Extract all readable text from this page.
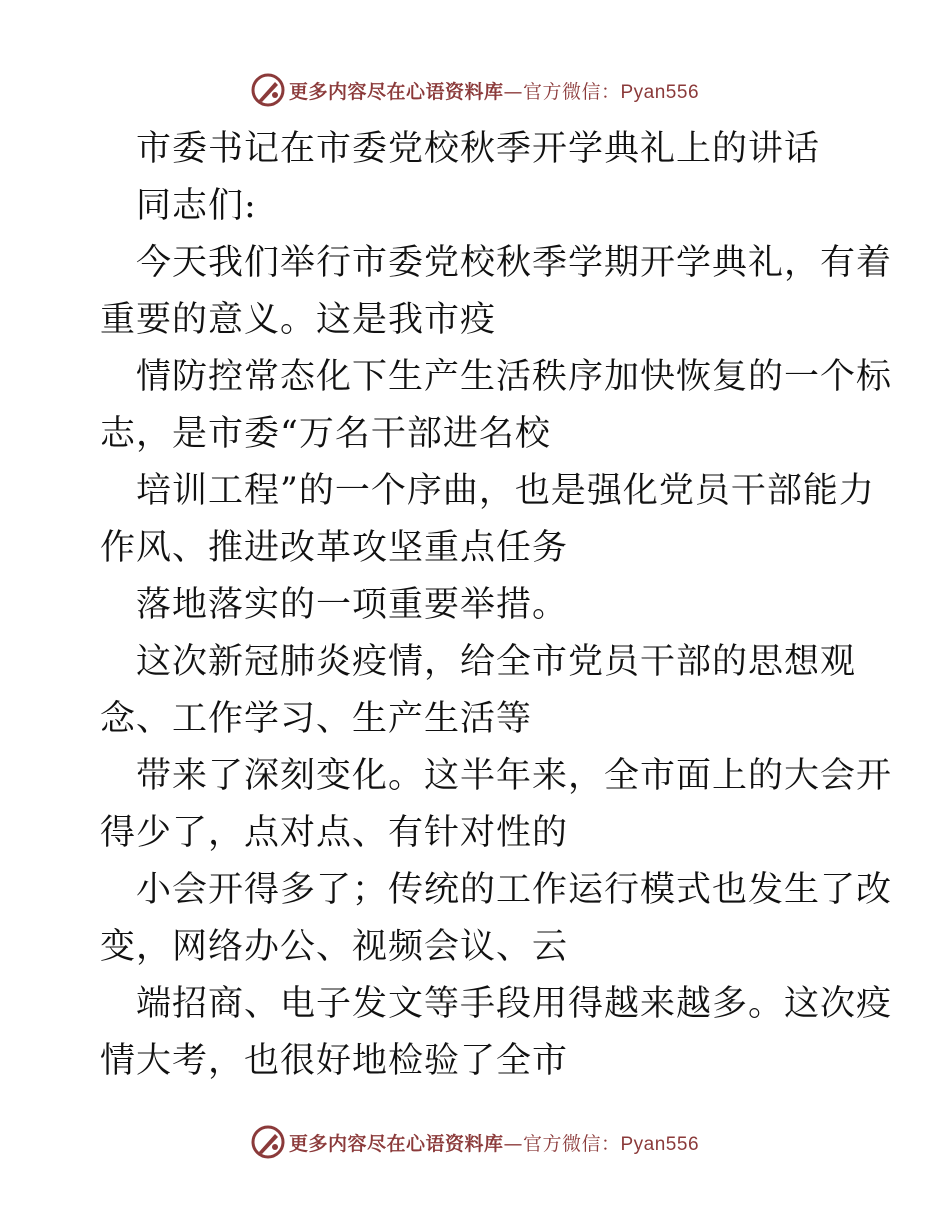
更多内容尽在心语资料库—官方微信：Pyan556
市委书记在市委党校秋季开学典礼上的讲话
同志们:
今天我们举行市委党校秋季学期开学典礼，有着
重要的意义。这是我市疫
情防控常态化下生产生活秩序加快恢复的一个标
志，是市委“万名干部进名校
培训工程”的一个序曲，也是强化党员干部能力
作风、推进改革攻坚重点任务
落地落实的一项重要举措。
这次新冠肺炎疫情，给全市党员干部的思想观
念、工作学习、生产生活等
带来了深刻变化。这半年来，全市面上的大会开
得少了，点对点、有针对性的
小会开得多了；传统的工作运行模式也发生了改
变，网络办公、视频会议、云
端招商、电子发文等手段用得越来越多。这次疫
情大考，也很好地检验了全市
更多内容尽在心语资料库—官方微信：Pyan556
